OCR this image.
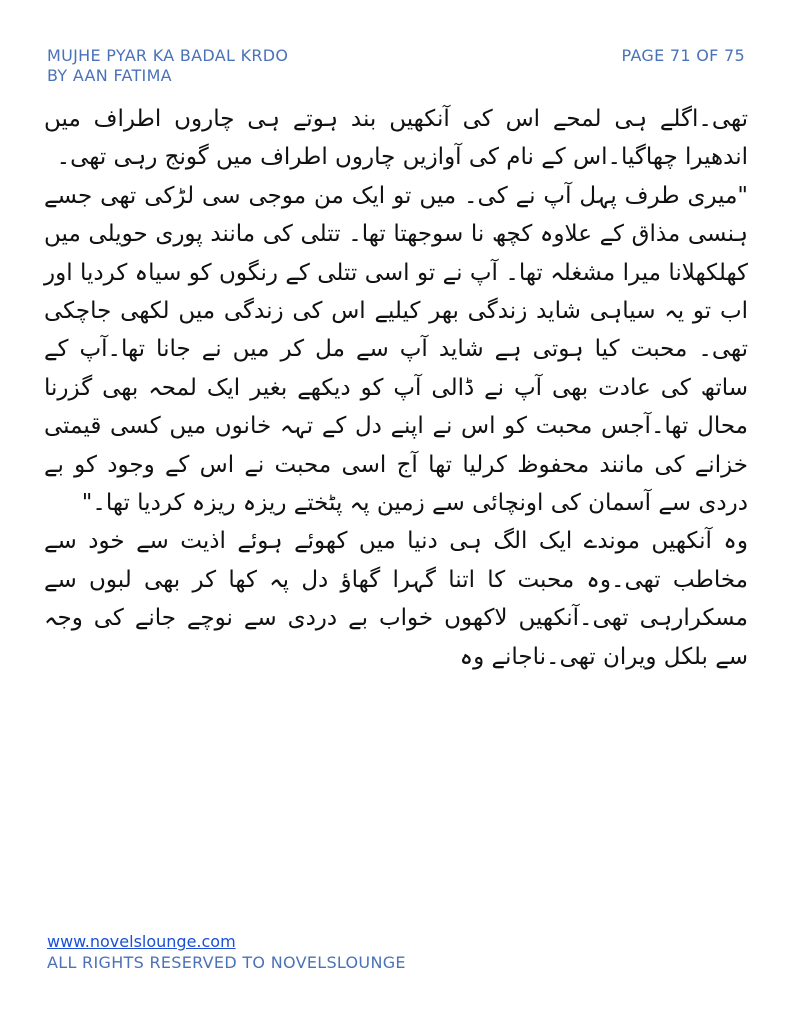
MUJHE PYAR KA BADAL KRDO
BY AAN FATIMA
PAGE 71 OF 75

تھی۔اگلے ہی لمحے اس کی آنکھیں بند ہوتے ہی چاروں اطراف میں اندھیرا چھاگیا۔اس کے نام کی آوازیں چاروں اطراف میں گونج رہی تھی۔

"میری طرف پہل آپ نے کی۔ میں تو ایک من موجی سی لڑکی تھی جسے ہنسی مذاق کے علاوہ کچھ نا سوجھتا تھا۔ تتلی کی مانند پوری حویلی میں کھلکھلانا میرا مشغلہ تھا۔ آپ نے تو اسی تتلی کے رنگوں کو سیاہ کردیا اور اب تو یہ سیاہی شاید زندگی بھر کیلیے اس کی زندگی میں لکھی جاچکی تھی۔ محبت کیا ہوتی ہے شاید آپ سے مل کر میں نے جانا تھا۔آپ کے ساتھ کی عادت بھی آپ نے ڈالی آپ کو دیکھے بغیر ایک لمحہ بھی گزرنا محال تھا۔آجس محبت کو اس نے اپنے دل کے تہہ خانوں میں کسی قیمتی خزانے کی مانند محفوظ کرلیا تھا آج اسی محبت نے اس کے وجود کو بے دردی سے آسمان کی اونچائی سے زمین پہ پٹختے ریزہ ریزہ کردیا تھا۔"

وہ آنکھیں موندے ایک الگ ہی دنیا میں کھوئے ہوئے اذیت سے خود سے مخاطب تھی۔وہ محبت کا اتنا گہرا گھاؤ دل پہ کھا کر بھی لبوں سے مسکرارہی تھی۔آنکھیں لاکھوں خواب بے دردی سے نوچے جانے کی وجہ سے بلکل ویران تھی۔ناجانے وہ

www.novelslounge.com
ALL RIGHTS RESERVED TO NOVELSLOUNGE
